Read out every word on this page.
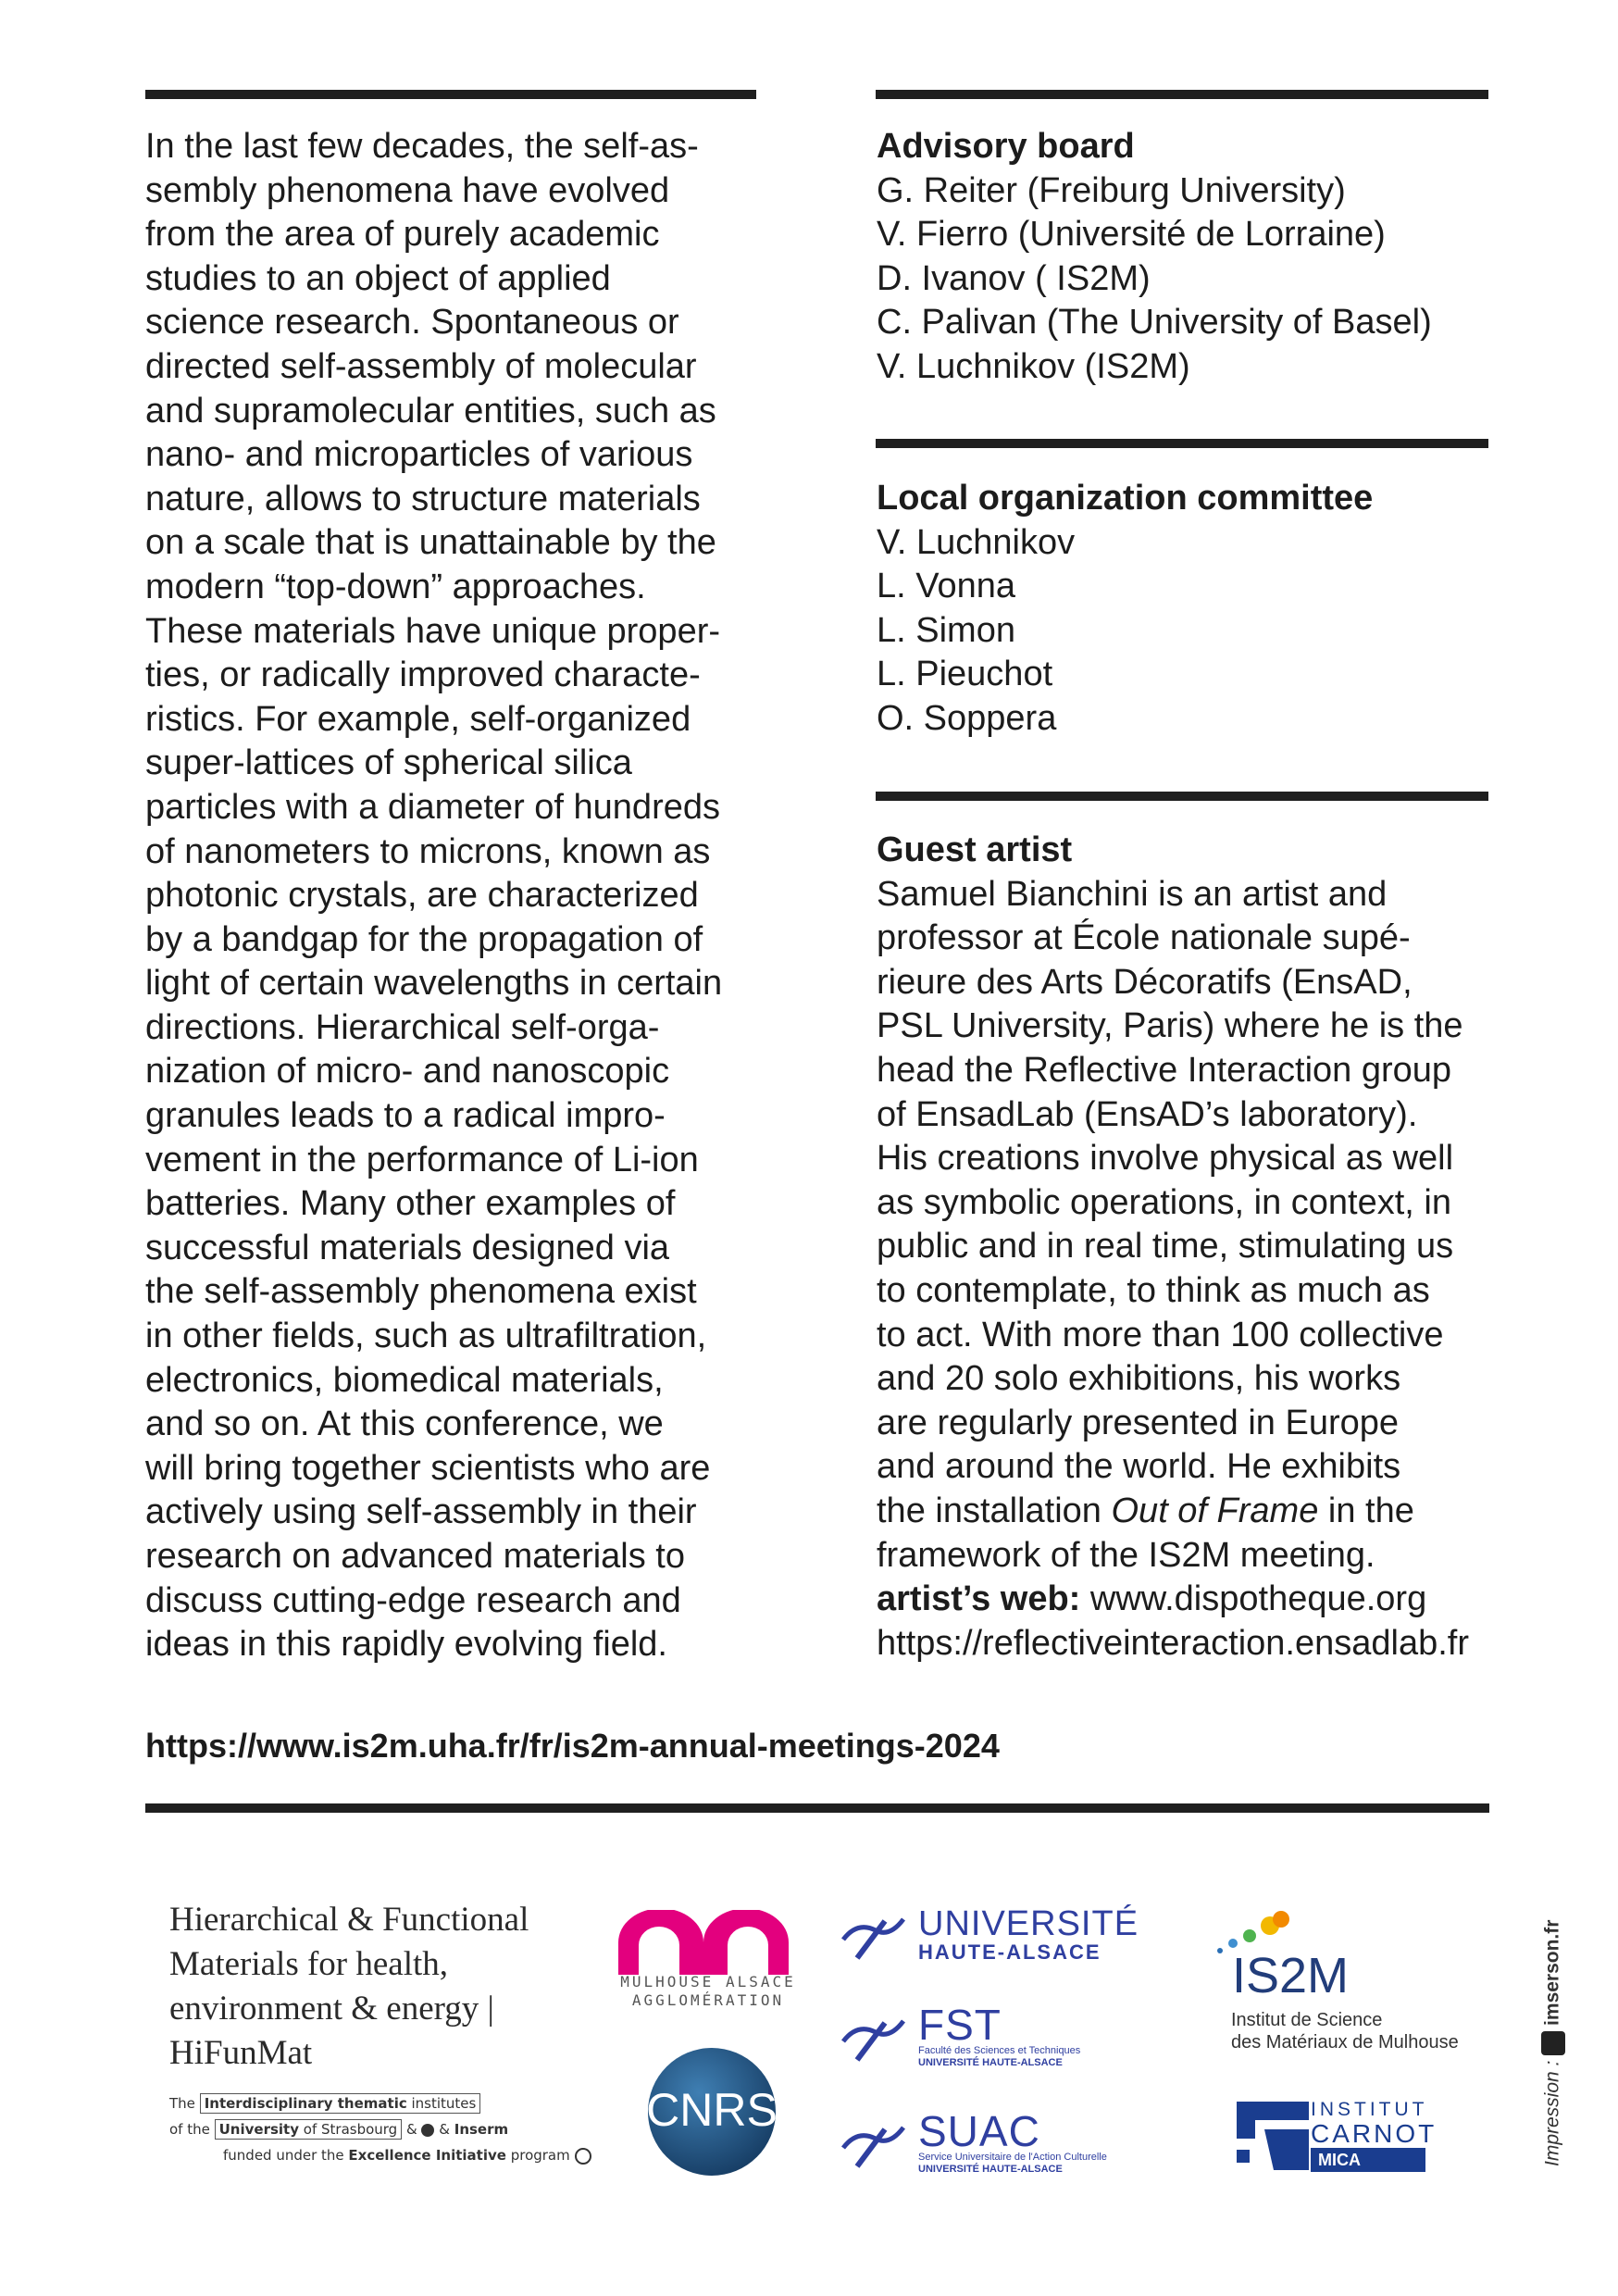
In the last few decades, the self-as-
sembly phenomena have evolved
from the area of purely academic
studies to an object of applied
science research. Spontaneous or
directed self-assembly of molecular
and supramolecular entities, such as
nano- and microparticles of various
nature, allows to structure materials
on a scale that is unattainable by the
modern “top-down” approaches.
These materials have unique proper-
ties, or radically improved characte-
ristics. For example, self-organized
super-lattices of spherical silica
particles with a diameter of hundreds
of nanometers to microns, known as
photonic crystals, are characterized
by a bandgap for the propagation of
light of certain wavelengths in certain
directions. Hierarchical self-orga-
nization of micro- and nanoscopic
granules leads to a radical impro-
vement in the performance of Li-ion
batteries. Many other examples of
successful materials designed via
the self-assembly phenomena exist
in other fields, such as ultrafiltration,
electronics, biomedical materials,
and so on. At this conference, we
will bring together scientists who are
actively using self-assembly in their
research on advanced materials to
discuss cutting-edge research and
ideas in this rapidly evolving field.

Advisory board

G. Reiter (Freiburg University)
V. Fierro (Université de Lorraine)
D. Ivanov ( IS2M)
C. Palivan (The University of Basel)
V. Luchnikov (IS2M)

Local organization committee

V. Luchnikov
L. Vonna
L. Simon
L. Pieuchot
O. Soppera

Guest artist

Samuel Bianchini is an artist and
professor at École nationale supé-
rieure des Arts Décoratifs (EnsAD,
PSL University, Paris) where he is the
head the Reflective Interaction group
of EnsadLab (EnsAD’s laboratory).
His creations involve physical as well
as symbolic operations, in context, in
public and in real time, stimulating us
to contemplate, to think as much as
to act. With more than 100 collective
and 20 solo exhibitions, his works
are regularly presented in Europe
and around the world. He exhibits

the installation Out of Frame in the

framework of the IS2M meeting.

artist’s web: www.dispotheque.org

https://reflectiveinteraction.ensadlab.fr

https://www.is2m.uha.fr/fr/is2m-annual-meetings-2024
Hierarchical & Functional
Materials for health,
environment & energy |
HiFunMat
The Interdisciplinary thematic institutes
of the University of Strasbourg & & Inserm
funded under the Excellence Initiative program
MULHOUSE ALSACE
AGGLOMÉRATION
CNRS
UNIVERSITÉ
HAUTE-ALSACE
FST
Faculté des Sciences et Techniques
UNIVERSITÉ HAUTE-ALSACE
SUAC
Service Universitaire de l'Action Culturelle
UNIVERSITÉ HAUTE-ALSACE
IS2M
Institut de Science
des Matériaux de Mulhouse
INSTITUT
CARNOT
MICA	Impression :  imserson.fr
